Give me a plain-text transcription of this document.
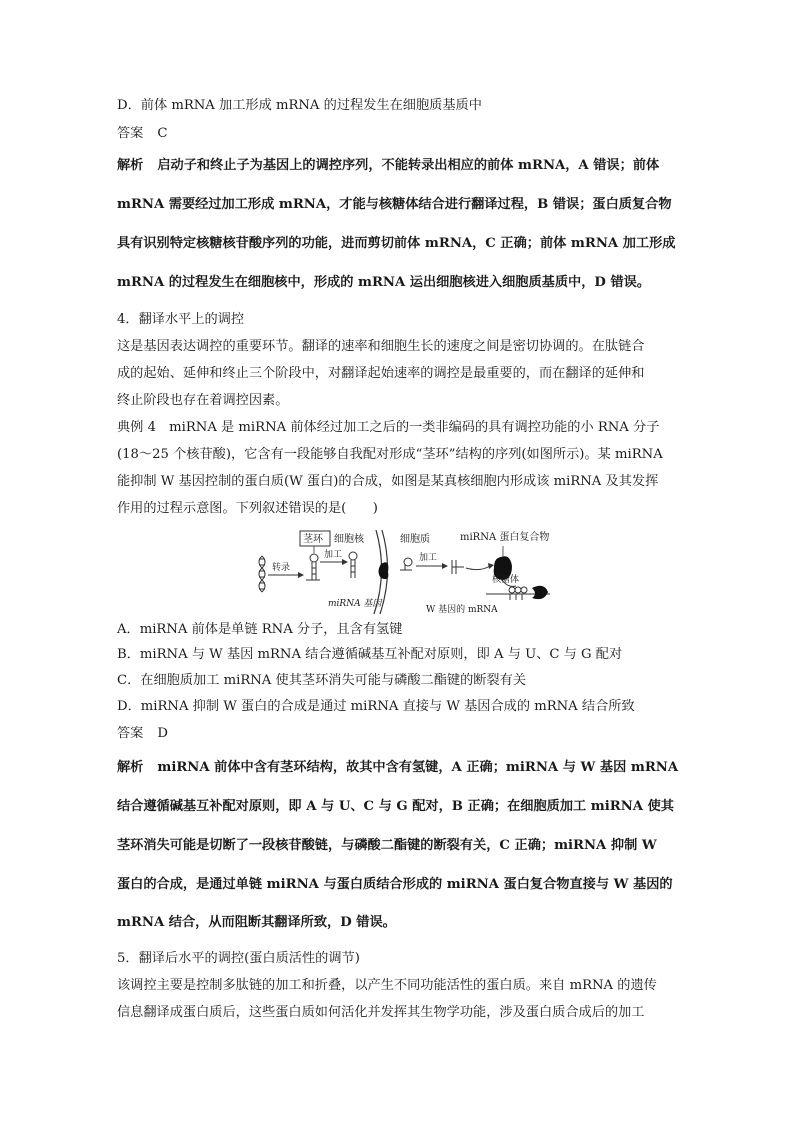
D．前体 mRNA 加工形成 mRNA 的过程发生在细胞质基质中
答案 C
解析 启动子和终止子为基因上的调控序列，不能转录出相应的前体 mRNA，A 错误；前体
mRNA 需要经过加工形成 mRNA，才能与核糖体结合进行翻译过程，B 错误；蛋白质复合物
具有识别特定核糖核苷酸序列的功能，进而剪切前体 mRNA，C 正确；前体 mRNA 加工形成
mRNA 的过程发生在细胞核中，形成的 mRNA 运出细胞核进入细胞质基质中，D 错误。
4．翻译水平上的调控
这是基因表达调控的重要环节。翻译的速率和细胞生长的速度之间是密切协调的。在肽链合
成的起始、延伸和终止三个阶段中，对翻译起始速率的调控是最重要的，而在翻译的延伸和
终止阶段也存在着调控因素。
典例 4　miRNA 是 miRNA 前体经过加工之后的一类非编码的具有调控功能的小 RNA 分子
(18～25 个核苷酸)，它含有一段能够自我配对形成“茎环”结构的序列(如图所示)。某 miRNA
能抑制 W 基因控制的蛋白质(W 蛋白)的合成，如图是某真核细胞内形成该 miRNA 及其发挥
作用的过程示意图。下列叙述错误的是(　　)
转录
茎环 细胞核
加工
miRNA 基因
细胞质
加工
miRNA 蛋白复合物
核糖体
W 基因的 mRNA
A．miRNA 前体是单链 RNA 分子，且含有氢键
B．miRNA 与 W 基因 mRNA 结合遵循碱基互补配对原则，即 A 与 U、C 与 G 配对
C．在细胞质加工 miRNA 使其茎环消失可能与磷酸二酯键的断裂有关
D．miRNA 抑制 W 蛋白的合成是通过 miRNA 直接与 W 基因合成的 mRNA 结合所致
答案 D
解析 miRNA 前体中含有茎环结构，故其中含有氢键，A 正确；miRNA 与 W 基因 mRNA
结合遵循碱基互补配对原则，即 A 与 U、C 与 G 配对，B 正确；在细胞质加工 miRNA 使其
茎环消失可能是切断了一段核苷酸链，与磷酸二酯键的断裂有关，C 正确；miRNA 抑制 W
蛋白的合成，是通过单链 miRNA 与蛋白质结合形成的 miRNA 蛋白复合物直接与 W 基因的
mRNA 结合，从而阻断其翻译所致，D 错误。
5．翻译后水平的调控(蛋白质活性的调节)
该调控主要是控制多肽链的加工和折叠，以产生不同功能活性的蛋白质。来自 mRNA 的遗传
信息翻译成蛋白质后，这些蛋白质如何活化并发挥其生物学功能，涉及蛋白质合成后的加工
